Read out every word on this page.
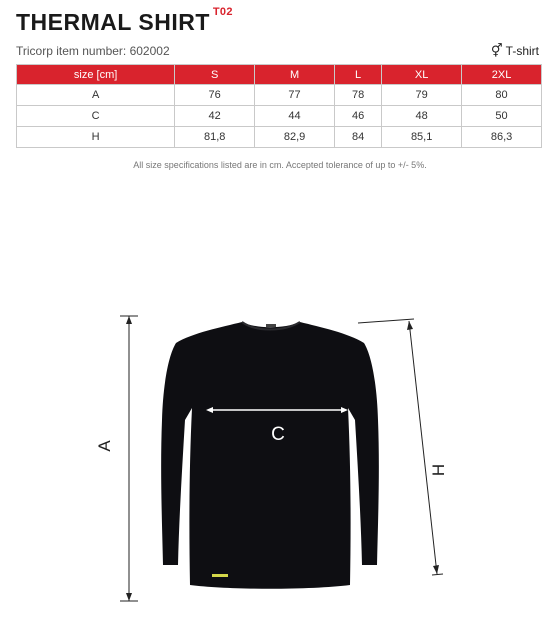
THERMAL SHIRT $^{T02}$
Tricorp item number: 602002	⚥ T-shirt
size [cm]	S	M	L	XL	2XL
A	76	77	78	79	80
C	42	44	46	48	50
H	81,8	82,9	84	85,1	86,3
All size specifications listed are in cm. Accepted tolerance of up to +/- 5%.
C
A
H
